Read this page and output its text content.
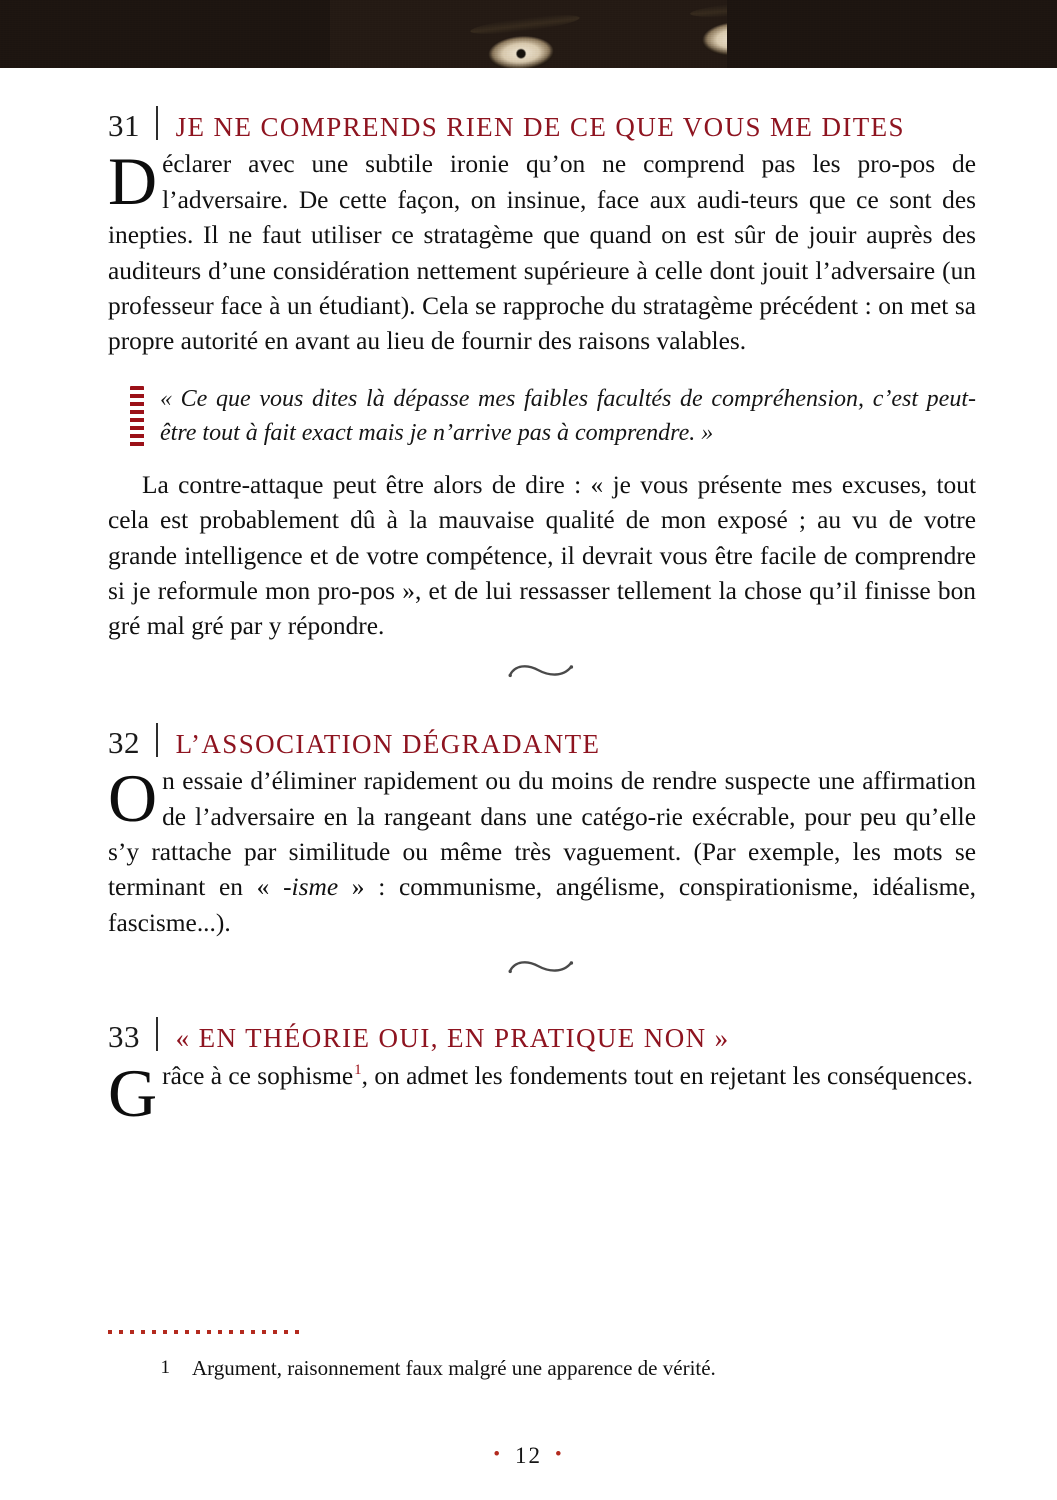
31	JE NE COMPRENDS RIEN DE CE QUE VOUS ME DITES

Déclarer avec une subtile ironie qu’on ne comprend pas les pro-pos de l’adversaire. De cette façon, on insinue, face aux audi-teurs que ce sont des inepties. Il ne faut utiliser ce stratagème que quand on est sûr de jouir auprès des auditeurs d’une considération nettement supérieure à celle dont jouit l’adversaire (un professeur face à un étudiant). Cela se rapproche du stratagème précédent : on met sa propre autorité en avant au lieu de fournir des raisons valables.

« Ce que vous dites là dépasse mes faibles facultés de compréhension, c’est peut-être tout à fait exact mais je n’arrive pas à comprendre. »

La contre-attaque peut être alors de dire : « je vous présente mes excuses, tout cela est probablement dû à la mauvaise qualité de mon exposé ; au vu de votre grande intelligence et de votre compétence, il devrait vous être facile de comprendre si je reformule mon pro-pos », et de lui ressasser tellement la chose qu’il finisse bon gré mal gré par y répondre.

32	L’ASSOCIATION DÉGRADANTE

On essaie d’éliminer rapidement ou du moins de rendre suspecte une affirmation de l’adversaire en la rangeant dans une catégo-rie exécrable, pour peu qu’elle s’y rattache par similitude ou même très vaguement. (Par exemple, les mots se terminant en « -isme » : communisme, angélisme, conspirationisme, idéalisme, fascisme...).

33	« EN THÉORIE OUI, EN PRATIQUE NON »

Grâce à ce sophisme$^1$, on admet les fondements tout en rejetant les conséquences.

1	Argument, raisonnement faux malgré une apparence de vérité.
• 12 •
